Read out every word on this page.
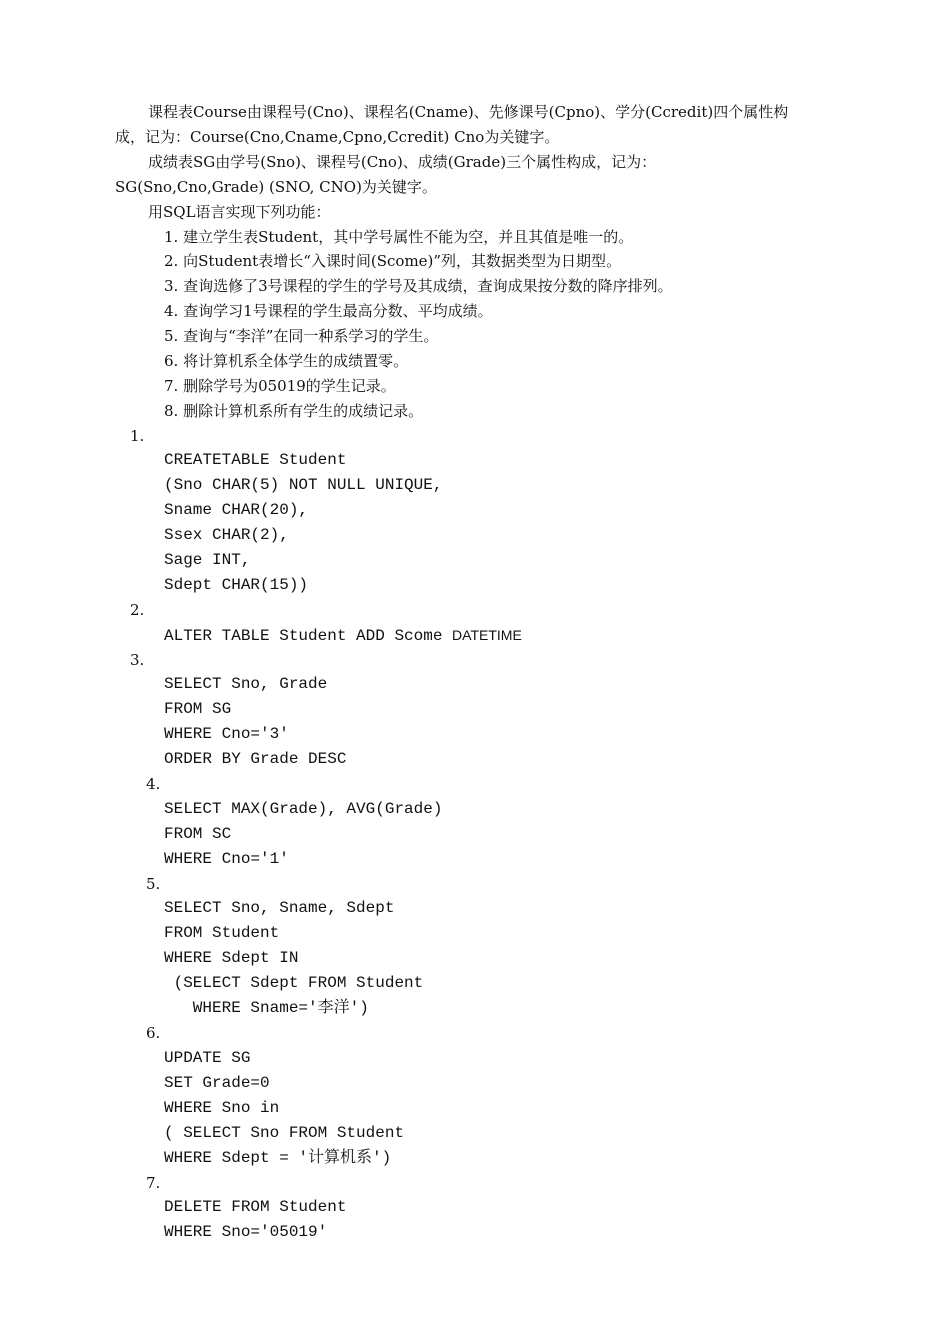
课程表Course由课程号(Cno)、课程名(Cname)、先修课号(Cpno)、学分(Ccredit)四个属性构
成，记为：Course(Cno,Cname,Cpno,Ccredit) Cno为关键字。
成绩表SG由学号(Sno)、课程号(Cno)、成绩(Grade)三个属性构成，记为：
SG(Sno,Cno,Grade) (SNO, CNO)为关键字。
用SQL语言实现下列功能：
1. 建立学生表Student，其中学号属性不能为空，并且其值是唯一的。
2. 向Student表增长“入课时间(Scome)”列，其数据类型为日期型。
3. 查询选修了3号课程的学生的学号及其成绩，查询成果按分数的降序排列。
4. 查询学习1号课程的学生最高分数、平均成绩。
5. 查询与“李洋”在同一种系学习的学生。
6. 将计算机系全体学生的成绩置零。
7. 删除学号为05019的学生记录。
8. 删除计算机系所有学生的成绩记录。
1.
CREATETABLE Student
(Sno CHAR(5) NOT NULL UNIQUE,
Sname CHAR(20),
Ssex CHAR(2),
Sage INT,
Sdept CHAR(15))
2.
ALTER TABLE Student ADD Scome DATETIME
3.
SELECT Sno, Grade
FROM SG
WHERE Cno='3'
ORDER BY Grade DESC
4.
SELECT MAX(Grade), AVG(Grade)
FROM SC
WHERE Cno='1'
5.
SELECT Sno, Sname, Sdept
FROM Student
WHERE Sdept IN
(SELECT Sdept FROM Student
WHERE Sname='李洋')
6.
UPDATE SG
SET Grade=0
WHERE Sno in
( SELECT Sno FROM Student
WHERE Sdept = '计算机系')
7.
DELETE FROM Student
WHERE Sno='05019'
